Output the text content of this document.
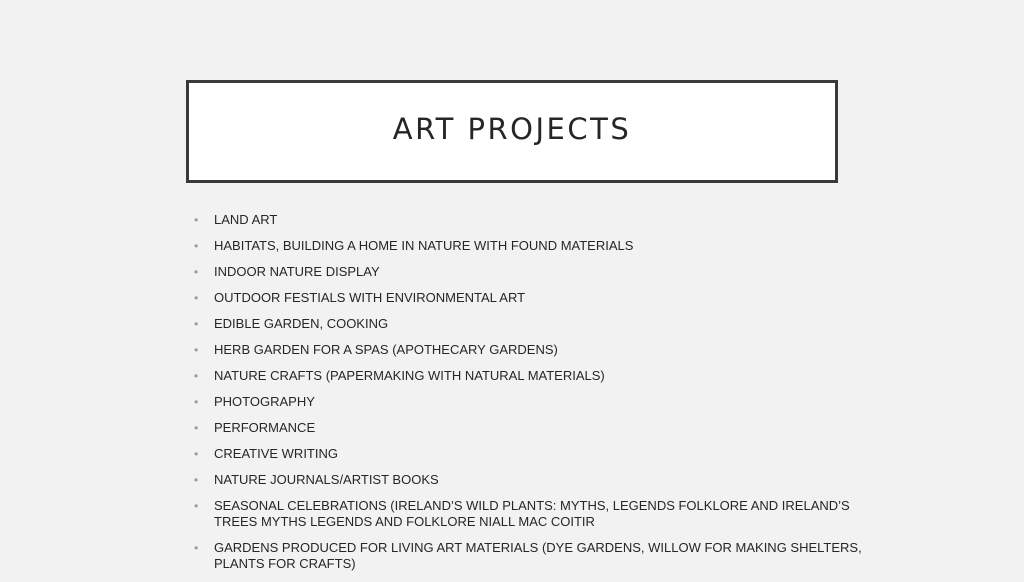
ART PROJECTS
• LAND ART
• HABITATS, BUILDING A HOME IN NATURE WITH FOUND MATERIALS
• INDOOR NATURE DISPLAY
• OUTDOOR FESTIALS WITH ENVIRONMENTAL ART
• EDIBLE GARDEN, COOKING
• HERB GARDEN FOR A SPAS (APOTHECARY GARDENS)
• NATURE CRAFTS (PAPERMAKING WITH NATURAL MATERIALS)
• PHOTOGRAPHY
• PERFORMANCE
• CREATIVE WRITING
• NATURE JOURNALS/ARTIST BOOKS
• SEASONAL CELEBRATIONS (IRELAND’S WILD PLANTS: MYTHS, LEGENDS FOLKLORE AND IRELAND’S TREES MYTHS LEGENDS AND FOLKLORE NIALL MAC COITIR
• GARDENS PRODUCED FOR LIVING ART MATERIALS (DYE GARDENS, WILLOW FOR MAKING SHELTERS, PLANTS FOR CRAFTS)
